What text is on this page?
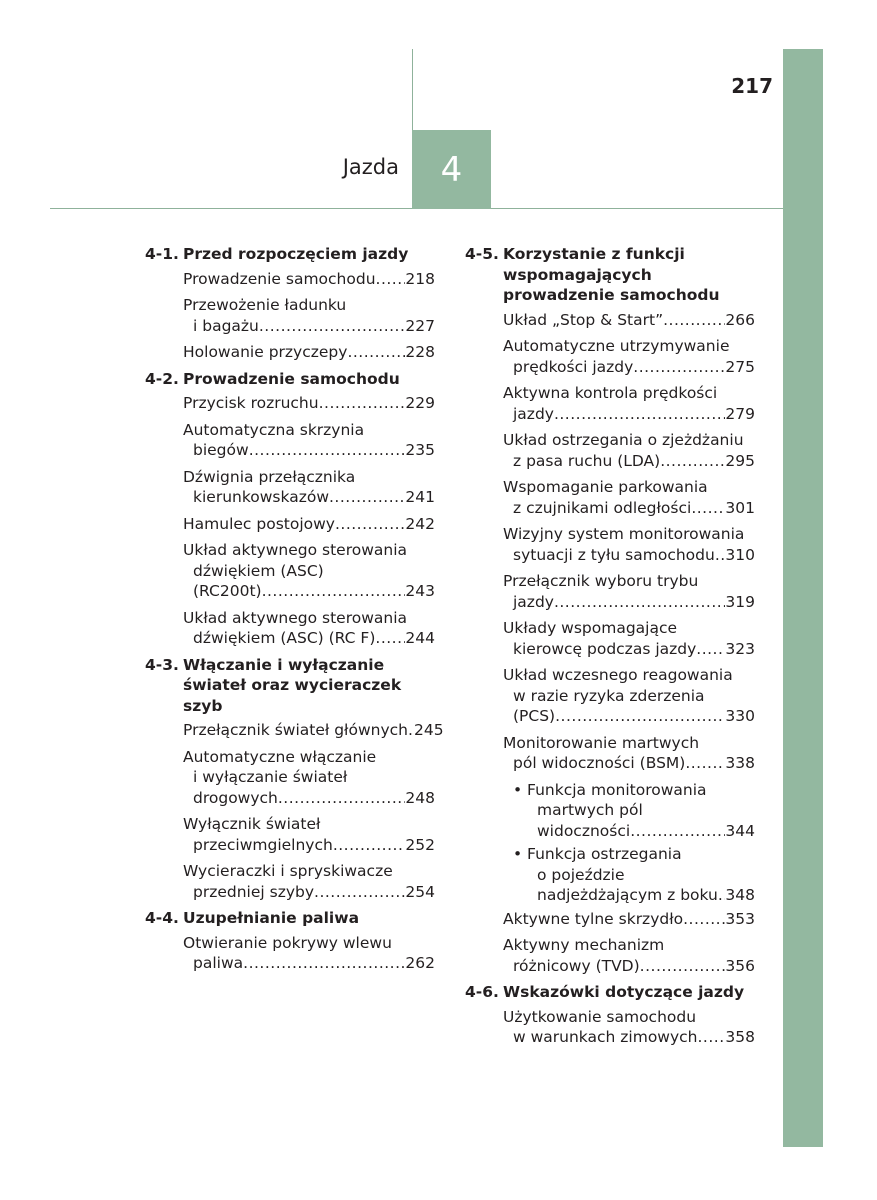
217
Jazda 4
4-1. Przed rozpoczęciem jazdy
Prowadzenie samochodu ..... 218
Przewożenie ładunku
i bagażu .....	227
Holowanie przyczepy .....	228
4-2. Prowadzenie samochodu
Przycisk rozruchu .....	229
Automatyczna skrzynia
biegów .....	235
Dźwignia przełącznika
kierunkowskazów .....	241
Hamulec postojowy .....	242
Układ aktywnego sterowania
dźwiękiem (ASC)
(RC200t) .....	243
Układ aktywnego sterowania
dźwiękiem (ASC) (RC F) ..... 244
4-3. Włączanie i wyłączanie świateł oraz wycieraczek szyb
Przełącznik świateł głównych ..... 245
Automatyczne włączanie
i wyłączanie świateł
drogowych .....	248
Wyłącznik świateł
przeciwmgielnych .....	252
Wycieraczki i spryskiwacze
przedniej szyby .....	254
4-4. Uzupełnianie paliwa
Otwieranie pokrywy wlewu
paliwa .....	262
4-5. Korzystanie z funkcji wspomagających prowadzenie samochodu
Układ „Stop & Start” .....	266
Automatyczne utrzymywanie
prędkości jazdy .....	275
Aktywna kontrola prędkości
jazdy .....	279
Układ ostrzegania o zjeżdżaniu
z pasa ruchu (LDA) .....	295
Wspomaganie parkowania
z czujnikami odległości ..... 301
Wizyjny system monitorowania
sytuacji z tyłu samochodu ..... 310
Przełącznik wyboru trybu
jazdy .....	319
Układy wspomagające
kierowcę podczas jazdy ..... 323
Układ wczesnego reagowania
w razie ryzyka zderzenia
(PCS) .....	330
Monitorowanie martwych
pól widoczności (BSM) .....	338
• Funkcja monitorowania
martwych pól
widoczności .....	344
• Funkcja ostrzegania
o pojeździe
nadjeżdżającym z boku ..... 348
Aktywne tylne skrzydło .....	353
Aktywny mechanizm
różnicowy (TVD) .....	356
4-6. Wskazówki dotyczące jazdy
Użytkowanie samochodu
w warunkach zimowych ..... 358
